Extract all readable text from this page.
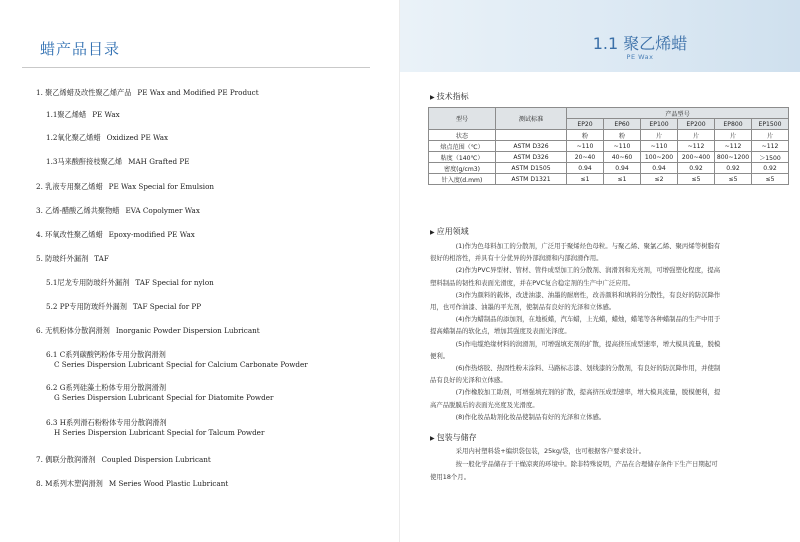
蜡产品目录
1. 聚乙烯蜡及改性聚乙烯产品 PE Wax and Modified PE Product
1.1聚乙烯蜡 PE Wax
1.2氧化聚乙烯蜡 Oxidized PE Wax
1.3马来酸酐接枝聚乙烯 MAH Grafted PE
2. 乳液专用聚乙烯蜡 PE Wax Special for Emulsion
3. 乙烯-醋酸乙烯共聚物蜡 EVA Copolymer Wax
4. 环氧改性聚乙烯蜡 Epoxy-modified PE Wax
5. 防玻纤外漏剂 TAF
5.1尼龙专用防玻纤外漏剂 TAF Special for nylon
5.2 PP专用防玻纤外漏剂 TAF Special for PP
6. 无机粉体分散润滑剂 Inorganic Powder Dispersion Lubricant
6.1 C系列碳酸钙粉体专用分散润滑剂
C Series Dispersion Lubricant Special for Calcium Carbonate Powder
6.2 G系列硅藻土粉体专用分散润滑剂
G Series Dispersion Lubricant Special for Diatomite Powder
6.3 H系列滑石粉粉体专用分散润滑剂
H Series Dispersion Lubricant Special for Talcum Powder
7. 偶联分散润滑剂 Coupled Dispersion Lubricant
8. M系列木塑润滑剂 M Series Wood Plastic Lubricant
1.1 聚乙烯蜡
PE Wax
▶ 技术指标
型号	测试标准	产品型号					
		EP20	EP60	EP100	EP200	EP800	EP1500
状态		粉	粉	片	片	片	片
熔点范围（℃）	ASTM D326	~110	~110	~110	~112	~112	~112
粘度（140℃）	ASTM D326	20~40	40~60	100~200	200~400	800~1200	＞1500
密度(g/cm3)	ASTM D1505	0.94	0.94	0.94	0.92	0.92	0.92
针入度(d.mm)	ASTM D1321	≤1	≤1	≤2	≤5	≤5	≤5
▶ 应用领域
(1)作为色母料加工的分散剂，广泛用于聚烯烃色母粒。与聚乙烯、聚氯乙烯、聚丙烯等树脂有
很好的相溶性，并具有十分优异的外部润滑和内部润滑作用。
(2)作为PVC异型材、管材、管件成型加工的分散剂、润滑剂和光亮剂，可增强塑化程度，提高
塑料制品的韧性和表面光滑度，并在PVC复合稳定剂的生产中广泛应用。
(3)作为颜料的载体，改进油漆、油墨的耐磨性，改善颜料和填料的分散性，有良好的防沉降作
用，也可作油漆、油墨的平光剂，使制品有良好的光泽和立体感。
(4)作为蜡制品的添加剂，在地板蜡，汽车蜡，上光蜡，蜡烛，蜡笔等各种蜡制品的生产中用于
提高蜡制品的软化点，增加其强度及表面光泽度。
(5)作电缆绝缘材料的润滑剂，可增强填充剂的扩散，提高挤压成型速率，增大模具流量，脱模
便利。
(6)作热熔胶、热固性粉末涂料、马路标志漆、划线漆的分散剂，有良好的防沉降作用，并使制
品有良好的光泽和立体感。
(7)作橡胶加工助剂，可增强填充剂的扩散，提高挤压成型速率，增大模具流量，脱模便利，提
高产品脱膜后的表面光亮度及光滑度。
(8)作化妆品助剂化妆品使制品有好的光泽和立体感。
▶ 包装与储存
采用内衬塑料袋+编织袋包装，25kg/袋，也可根据客户要求设计。
按一般化学品储存于干燥凉爽的环境中。除非特殊说明，产品在合理储存条件下生产日期起可
使用18个月。
